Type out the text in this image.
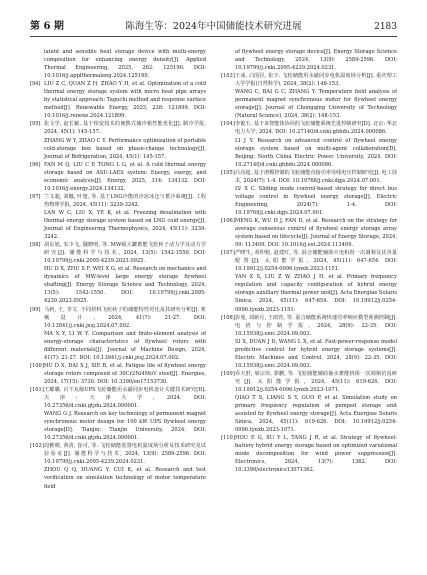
第 6 期	陈海生等：2024年中国储能技术研究进展	2183

latent and sensible heat storage device with multi-energy composition for enhancing energy density[J]. Applied Thermal Engineering, 2025, 262: 125190. DOI: 10.1016/j.applthermaleng.2024.125190.

[94] LIU Z C, QUAN Z H, ZHAO Y H, et al. Optimization of a cold thermal energy storage system with micro heat pipe arrays by statistical approach: Taguchi method and response surface method[J]. Renewable Energy, 2025, 238: 121899. DOI: 10.1016/j.renene.2024.121899.

[95] 张文学, 赵长颖. 基于相变技术的便携式储冷箱性能优化[J]. 制冷学报, 2024, 45(1): 145-157.

ZHANG W Y, ZHAO C Y. Performance optimization of portable cold-storage box based on phase-change technology[J]. Journal of Refrigeration, 2024, 45(1): 145-157.

[96] FAN M Q, LIU C P, TONG L G, et al. A cold thermal energy storage based on ASU-LAES system: Energy, exergy, and economic analysis[J]. Energy, 2025, 314: 134132. DOI: 10.1016/j.energy.2024.134132.

[97] 兰文超, 刘娜, 叶楚, 等. 基于LNG冷能的冷冻冰仓与蓄冷系统[J]. 工程热物理学报, 2024, 45(11): 3239-3242.

LAN W C, LIU X, YE K, et al. Freezing desalination with thermal energy storage system based on LNG cold energy[J]. Journal of Engineering Thermophysics, 2024, 45(11): 3239-3242.

[98] 胡东旭, 朱少飞, 魏晓明, 等. MW级大罐蓄能飞轮转子动力学及动力学研究[J]. 储能科学与技术, 2024, 13(5): 1542-1550. DOI: 10.19799/j.cnki.2095-4239.2023.0925.

HU D X, ZHU S F, WEI X G, et al. Research on mechanics and dynamics of MW-level large energy storage flywheel shafting[J]. Energy Storage Science and Technology, 2024, 13(5): 1542-1550. DOI: 10.19799/j.cnki.2095-4239.2023.0925.

[99] 马轲, 王, 李文. 不同材料飞轮转子的储能特性对比及其研究分析[J]. 机械设计, 2024, 41(7): 21-27. DOI: 10.13841/j.cnki.jxsj.2024.07.002.

MA X Y, LI W Y. Comparison and finite-element analysis of energy-storage characteristics of flywheel rotors with different materials[J]. Journal of Machine Design, 2024, 41(7): 21-27. DOI: 10.13841/j.cnki.jxsj.2024.07.002.

[100] HU D X, DAI X J, XIE B, et al. Fatigue life of flywheel energy storage rotors composed of 30Cr2Ni4MoV steel[J]. Energies, 2024, 17(15): 3730. DOI: 10.3390/en17153730.

[101] 王耀璐. 百千瓦级UPS飞轮储能用永磁同步电机设计关键技术研究[D]. 天津: 天津大学, 2024. DOI: 10.27356/d.cnki.gtjdu.2024.000001.

WANG G J. Research on key technology of permanent magnet synchronous motor design for 100 kW UPS flywheel energy storage[D]. Tianjin: Tianjin University, 2024. DOI: 10.27356/d.cnki.gtjdu.2024.000001.

[102] 周雅晴, 黄清, 崔可, 等. 飞轮储能装置电机温度场分析及技术研究及试验验证[J]. 储能科学与技术, 2024, 13(9): 2589-2596. DOI: 10.19799/j.cnki.2095-4239.2024.0231.

ZHOU Q Q, HUANG Y, CUI K, et al. Research and test verification on simulation technology of motor temperature field

of flywheel energy storage device[J]. Energy Storage Science and Technology, 2024, 13(9): 2589-2596. DOI: 10.19799/j.cnki.2095-4239.2024.0231.

[103] 王成, 白国臣, 张宇. 飞轮储能用永磁同步电机温度场分析[J]. 重庆理工大学学报(自然科学), 2024, 38(2): 148-153.

WANG C, BAI G C, ZHANG Y. Temperature field analysis of permanent magnet synchronous motor for flywheel energy storage[J]. Journal of Chongqing University of Technology (Natural Science), 2024, 38(2): 148-153.

[104] 李俊玉. 基于多智能体协同的飞轮储能系统先进控制研究[D]. 北京: 华北电力大学, 2024. DOI: 10.27140/d.cnki.ghbdu.2024.000086.

LI J Y. Research on advanced control of flywheel energy storage system based on multi-agent collaboration[D]. Beijing: North China Electric Power University, 2024. DOI: 10.27140/d.cnki.ghbdu.2024.000086.

[105] 吕亮超. 基于滑模控制的飞轮储能直接功率母线电压控制研究[J]. 电工技术, 2024(7): 1-4. DOI: 10.19768/j.cnki.dgjs.2024.07.001.

LV X C. Sliding mode control-based strategy for direct bus voltage control in flywheel energy storage[J]. Electric Engineering, 2024(7): 1-4. DOI: 10.19768/j.cnki.dgjs.2024.07.001.

[106] MENG K, WU H J, FAN D, et al. Research on the strategy for average consensus control of flywheel energy storage array system based on lifecycle[J]. Journal of Energy Storage, 2024, 99: 113409. DOI: 10.1016/j.est.2024.113409.

[107] 严晓生, 邓仲勉, 赵建红, 等. 混合储能辅助火电机组一次调频及其容量配置[J]. 太阳能学报, 2024, 45(11): 647-654. DOI: 10.19912/j.0254-0096.tynxb.2023-1151.

YAN X S, LIU Z W, ZHAO J H, et al. Primary frequency regulation and capacity configuration of hybrid energy storage auxiliary thermal power unit[J]. Acta Energiae Solaris Sinica, 2024, 45(11): 647-654. DOI: 10.19912/j.0254-0096.tynxb.2023-1151.

[108] 彭曼, 刘新月, 王雨宵, 等. 混合储能系统快速功率响应模型预测控制[J]. 电机与控制学报, 2024, 28(9): 22-35. DOI: 10.15938/j.emc.2024.09.003.

SI X, DUAN J D, WANG L X, et al. Fast-power-response model predictive control for hybrid energy storage systems[J]. Electric Machines and Control, 2024, 28(9): 22-35. DOI: 10.15938/j.emc.2024.09.003.

[109] 乔天舒, 梁宗伟, 郭鹏, 等. 飞轮储能辅助抽水蓄能机组一次调频仿真研究[J]. 太阳能学报, 2024, 45(11): 619-626. DOI: 10.19912/j.0254-0096.tynxb.2023-1071.

QIAO T S, LIANG S Y, GUO P, et al. Simulation study on primary frequency regulation of pumped storage unit assisted by flywheel energy storage[J]. Acta Energiae Solaris Sinica, 2024, 45(11): 619-626. DOI: 10.19912/j.0254-0096.tynxb.2023-1071.

[110] HOU E G, XU Y L, TANG J R, et al. Strategy of flywheel-battery hybrid energy storage based on optimized variational mode decomposition for wind power suppression[J]. Electronics, 2024, 13(7): 1362. DOI: 10.3390/electronics13071362.
